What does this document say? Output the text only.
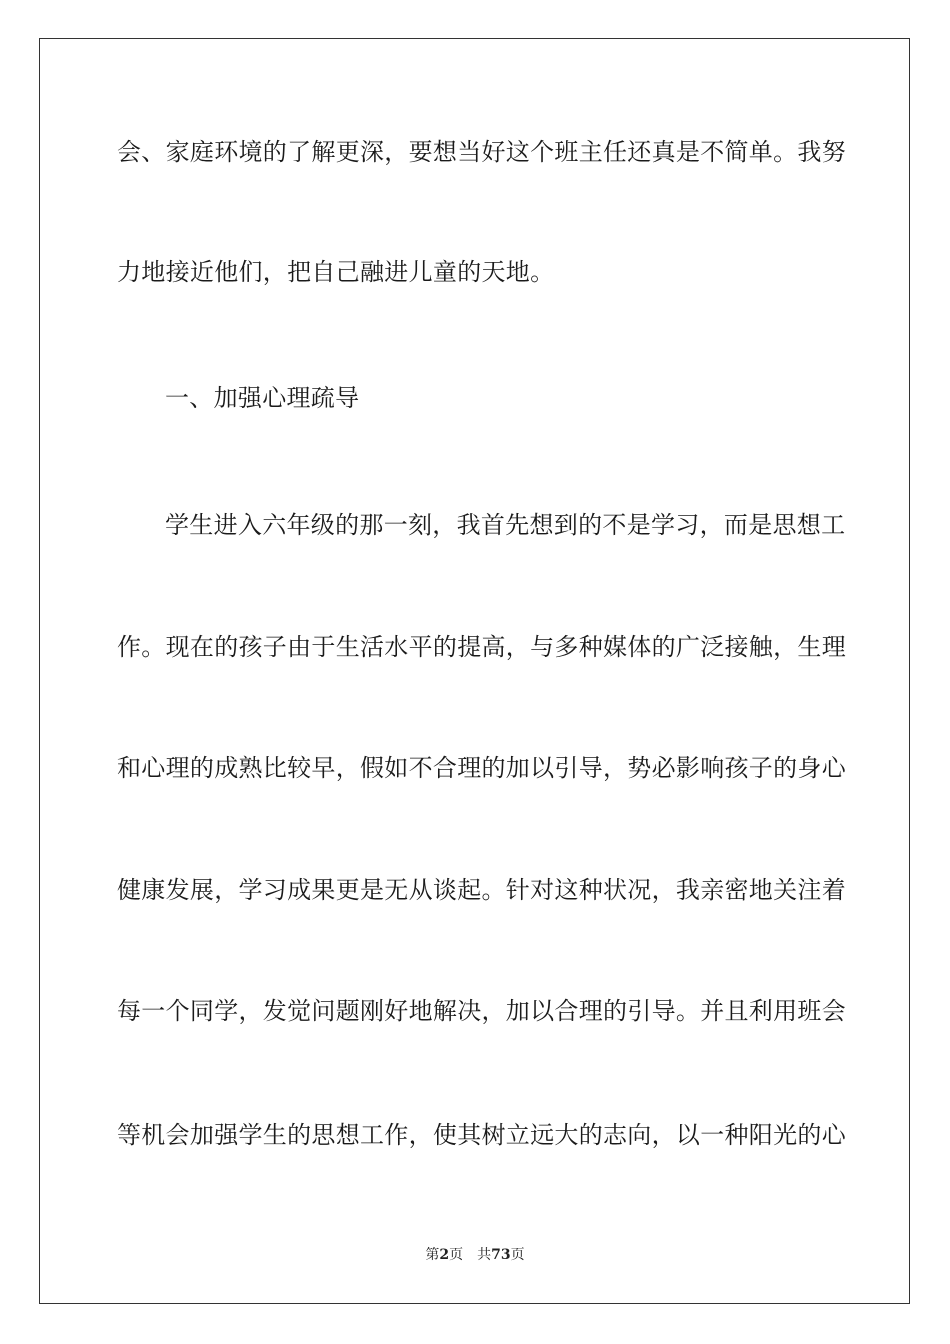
会、家庭环境的了解更深，要想当好这个班主任还真是不简单。我努
力地接近他们，把自己融进儿童的天地。
一、加强心理疏导
学生进入六年级的那一刻，我首先想到的不是学习，而是思想工
作。现在的孩子由于生活水平的提高，与多种媒体的广泛接触，生理
和心理的成熟比较早，假如不合理的加以引导，势必影响孩子的身心
健康发展，学习成果更是无从谈起。针对这种状况，我亲密地关注着
每一个同学，发觉问题刚好地解决，加以合理的引导。并且利用班会
等机会加强学生的思想工作，使其树立远大的志向，以一种阳光的心
第2页 共73页
